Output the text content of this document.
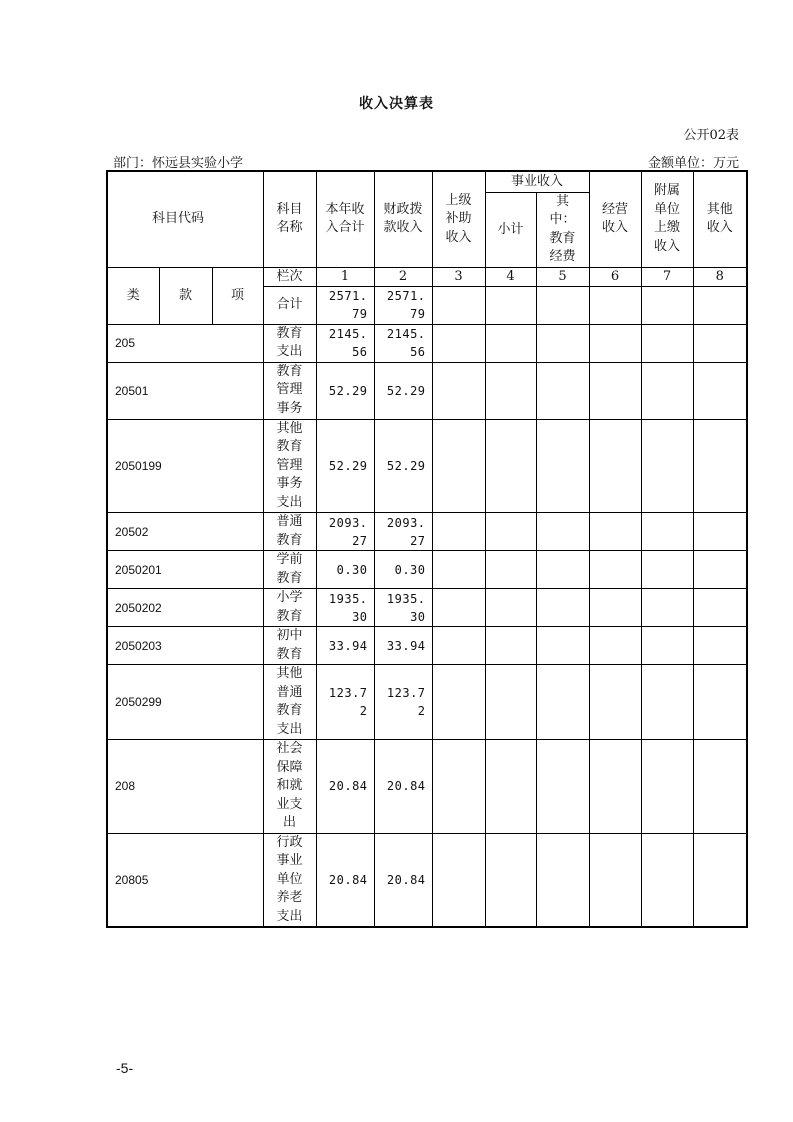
收入决算表
公开02表
部门：怀远县实验小学	金额单位：万元
科目代码			科目名称	本年收入合计	财政拨款收入	上级补助收入	事业收入		经营收入	附属单位上缴收入	其他收入
							小计	其中：教育经费			
类	款	项	栏次	1	2	3	4	5	6	7	8
			合计	2571.79	2571.79						
205			教育支出	2145.56	2145.56						
20501			教育管理事务	52.29	52.29						
2050199			其他教育管理事务支出	52.29	52.29						
20502			普通教育	2093.27	2093.27						
2050201			学前教育	0.30	0.30						
2050202			小学教育	1935.30	1935.30						
2050203			初中教育	33.94	33.94						
2050299			其他普通教育支出	123.72	123.72						
208			社会保障和就业支出	20.84	20.84						
20805			行政事业单位养老支出	20.84	20.84						
-5-
